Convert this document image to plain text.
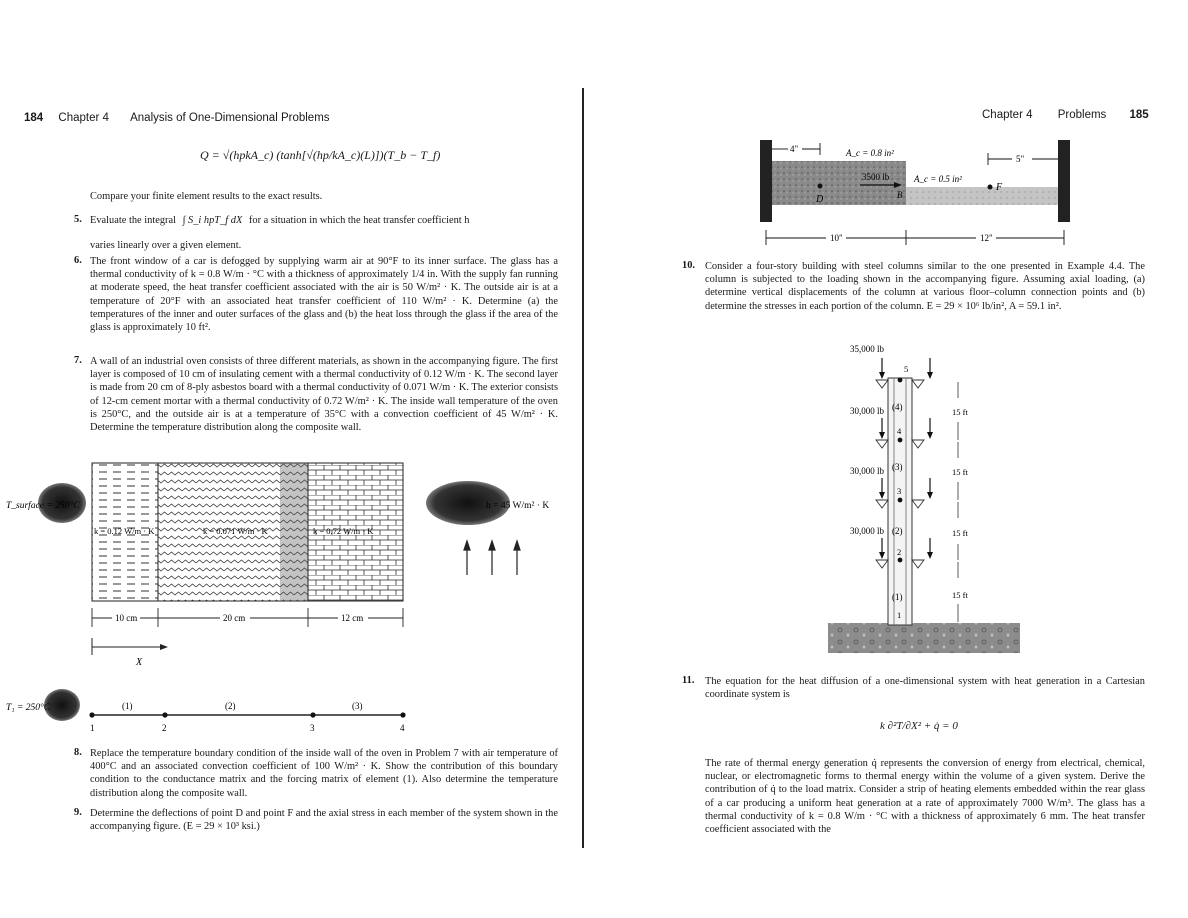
184 Chapter 4 Analysis of One-Dimensional Problems
Q = √(hpkA_c) (tanh[√(hp/kA_c)(L)])(T_b − T_f)
Compare your finite element results to the exact results.
5. Evaluate the integral ∫ S_i hpT_f dX for a situation in which the heat transfer coefficient h
varies linearly over a given element.
6. The front window of a car is defogged by supplying warm air at 90°F to its inner surface. The glass has a thermal conductivity of k = 0.8 W/m · °C with a thickness of approximately 1/4 in. With the supply fan running at moderate speed, the heat transfer coefficient associated with the air is 50 W/m² · K. The outside air is at a temperature of 20°F with an associated heat transfer coefficient of 110 W/m² · K. Determine (a) the temperatures of the inner and outer surfaces of the glass and (b) the heat loss through the glass if the area of the glass is approximately 10 ft².
7. A wall of an industrial oven consists of three different materials, as shown in the accompanying figure. The first layer is composed of 10 cm of insulating cement with a thermal conductivity of 0.12 W/m · K. The second layer is made from 20 cm of 8-ply asbestos board with a thermal conductivity of 0.071 W/m · K. The exterior consists of 12-cm cement mortar with a thermal conductivity of 0.72 W/m² · K. The inside wall temperature of the oven is 250°C, and the outside air is at a temperature of 35°C with a convection coefficient of 45 W/m² · K. Determine the temperature distribution along the composite wall.
T_surface = 250°C
k = 0.12 W/m · K	k = 0.071 W/m · K	k = 0.72 W/m · K
h = 45 W/m² · K
10 cm	20 cm	12 cm
X
T₁ = 250°C	(1)	(2)	(3)
1	2	3	4
8. Replace the temperature boundary condition of the inside wall of the oven in Problem 7 with air temperature of 400°C and an associated convection coefficient of 100 W/m² · K. Show the contribution of this boundary condition to the conductance matrix and the forcing matrix of element (1). Also determine the temperature distribution along the composite wall.
9. Determine the deflections of point D and point F and the axial stress in each member of the system shown in the accompanying figure. (E = 29 × 10³ ksi.)
Chapter 4 Problems 185
D	B
F
3500 lb
A_c = 0.8 in²
A_c = 0.5 in²
4"
5"
10"	12"
10. Consider a four-story building with steel columns similar to the one presented in Example 4.4. The column is subjected to the loading shown in the accompanying figure. Assuming axial loading, (a) determine vertical displacements of the column at various floor–column connection points and (b) determine the stresses in each portion of the column. E = 29 × 10⁶ lb/in², A = 59.1 in².
35,000 lb
30,000 lb
30,000 lb
30,000 lb
(4)
(3)
(2)
(1)
5
4
3
2
1
15 ft
15 ft
15 ft
15 ft
11. The equation for the heat diffusion of a one-dimensional system with heat generation in a Cartesian coordinate system is
k ∂²T/∂X² + q̇ = 0
The rate of thermal energy generation q̇ represents the conversion of energy from electrical, chemical, nuclear, or electromagnetic forms to thermal energy within the volume of a given system. Derive the contribution of q̇ to the load matrix. Consider a strip of heating elements embedded within the rear glass of a car producing a uniform heat generation at a rate of approximately 7000 W/m³. The glass has a thermal conductivity of k = 0.8 W/m · °C with a thickness of approximately 6 mm. The heat transfer coefficient associated with the
